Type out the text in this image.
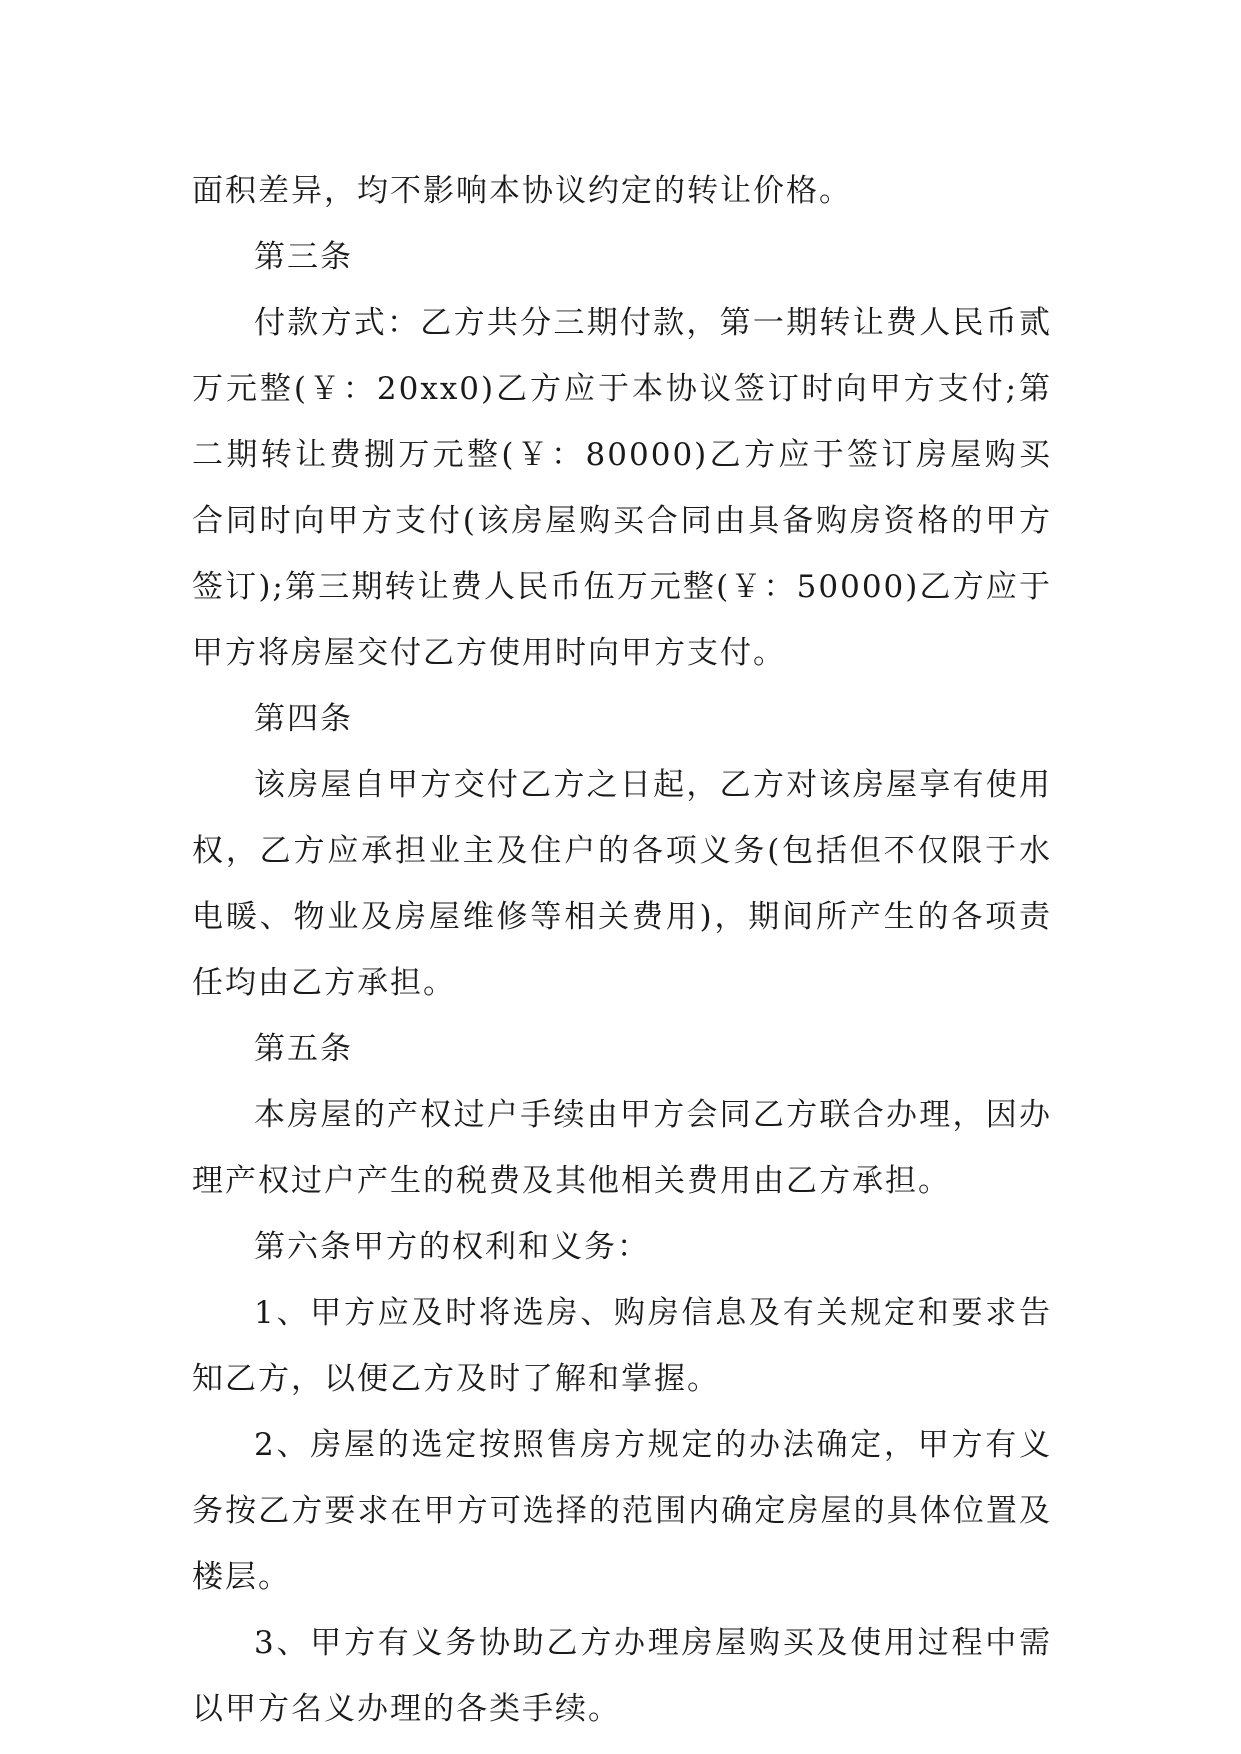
面积差异，均不影响本协议约定的转让价格。

第三条

付款方式：乙方共分三期付款，第一期转让费人民币贰万元整(￥：20xx0)乙方应于本协议签订时向甲方支付;第二期转让费捌万元整(￥：80000)乙方应于签订房屋购买合同时向甲方支付(该房屋购买合同由具备购房资格的甲方签订);第三期转让费人民币伍万元整(￥：50000)乙方应于甲方将房屋交付乙方使用时向甲方支付。

第四条

该房屋自甲方交付乙方之日起，乙方对该房屋享有使用权，乙方应承担业主及住户的各项义务(包括但不仅限于水电暖、物业及房屋维修等相关费用)，期间所产生的各项责任均由乙方承担。

第五条

本房屋的产权过户手续由甲方会同乙方联合办理，因办理产权过户产生的税费及其他相关费用由乙方承担。

第六条甲方的权利和义务：

1、甲方应及时将选房、购房信息及有关规定和要求告知乙方，以便乙方及时了解和掌握。

2、房屋的选定按照售房方规定的办法确定，甲方有义务按乙方要求在甲方可选择的范围内确定房屋的具体位置及楼层。

3、甲方有义务协助乙方办理房屋购买及使用过程中需以甲方名义办理的各类手续。
